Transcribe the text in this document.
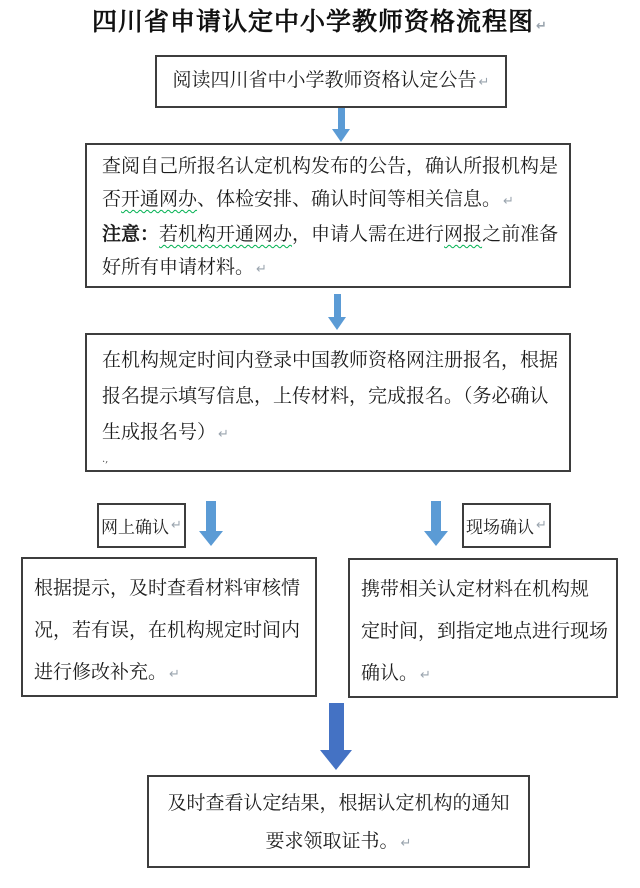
四川省申请认定中小学教师资格流程图 ↵
阅读四川省中小学教师资格认定公告 ↵
查阅自己所报名认定机构发布的公告，确认所报机构是
否开通网办、体检安排、确认时间等相关信息。 ↵
注意：若机构开通网办，申请人需在进行网报之前准备
好所有申请材料。 ↵
在机构规定时间内登录中国教师资格网注册报名，根据
报名提示填写信息，上传材料，完成报名。（务必确认
生成报名号） ↵
.,
网上确认 ↵	现场确认 ↵
根据提示，及时查看材料审核情
况，若有误，在机构规定时间内
进行修改补充。 ↵
携带相关认定材料在机构规
定时间，到指定地点进行现场
确认。 ↵
及时查看认定结果，根据认定机构的通知
要求领取证书。 ↵
